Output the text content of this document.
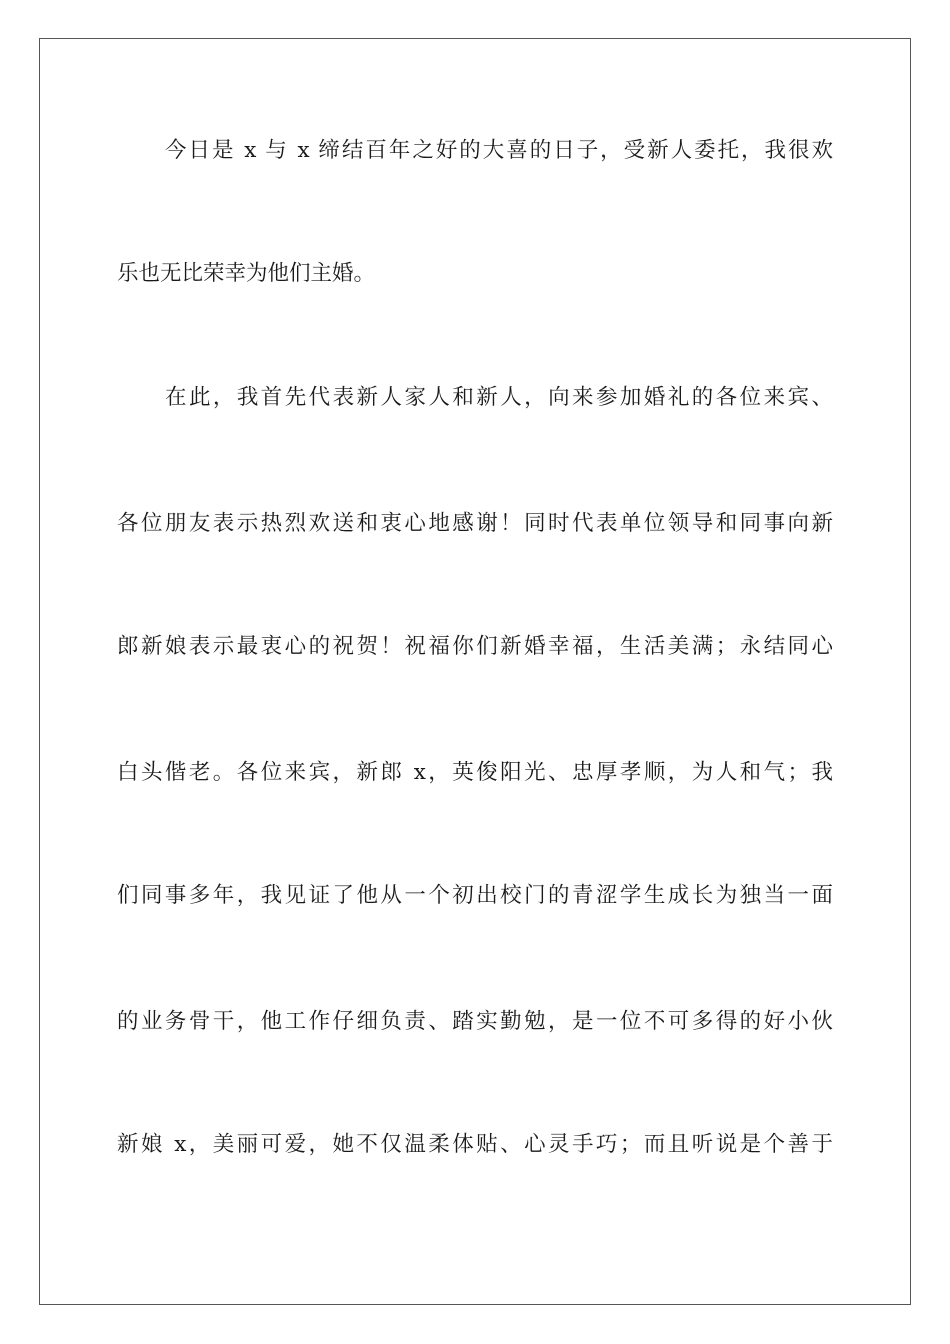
今日是 x 与 x 缔结百年之好的大喜的日子，受新人委托，我很欢
乐也无比荣幸为他们主婚。
在此，我首先代表新人家人和新人，向来参加婚礼的各位来宾、
各位朋友表示热烈欢送和衷心地感谢！同时代表单位领导和同事向新
郎新娘表示最衷心的祝贺！祝福你们新婚幸福，生活美满；永结同心
白头偕老。各位来宾，新郎 x，英俊阳光、忠厚孝顺，为人和气；我
们同事多年，我见证了他从一个初出校门的青涩学生成长为独当一面
的业务骨干，他工作仔细负责、踏实勤勉，是一位不可多得的好小伙
新娘 x，美丽可爱，她不仅温柔体贴、心灵手巧；而且听说是个善于
